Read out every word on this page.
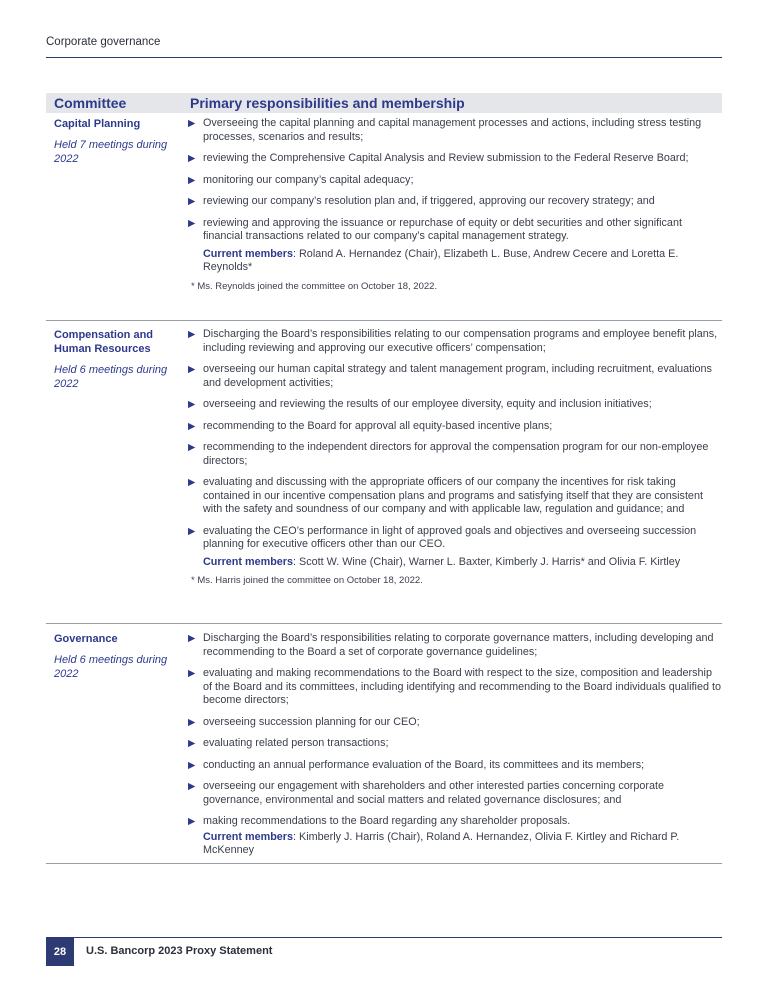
Corporate governance
Committee	Primary responsibilities and membership
Capital Planning
Held 7 meetings during 2022
▶ Overseeing the capital planning and capital management processes and actions, including stress testing processes, scenarios and results;
▶ reviewing the Comprehensive Capital Analysis and Review submission to the Federal Reserve Board;
▶ monitoring our company’s capital adequacy;
▶ reviewing our company’s resolution plan and, if triggered, approving our recovery strategy; and
▶ reviewing and approving the issuance or repurchase of equity or debt securities and other significant financial transactions related to our company’s capital management strategy.
Current members: Roland A. Hernandez (Chair), Elizabeth L. Buse, Andrew Cecere and Loretta E. Reynolds*
* Ms. Reynolds joined the committee on October 18, 2022.
Compensation and Human Resources
Held 6 meetings during 2022
▶ Discharging the Board’s responsibilities relating to our compensation programs and employee benefit plans, including reviewing and approving our executive officers’ compensation;
▶ overseeing our human capital strategy and talent management program, including recruitment, evaluations and development activities;
▶ overseeing and reviewing the results of our employee diversity, equity and inclusion initiatives;
▶ recommending to the Board for approval all equity-based incentive plans;
▶ recommending to the independent directors for approval the compensation program for our non-employee directors;
▶ evaluating and discussing with the appropriate officers of our company the incentives for risk taking contained in our incentive compensation plans and programs and satisfying itself that they are consistent with the safety and soundness of our company and with applicable law, regulation and guidance; and
▶ evaluating the CEO’s performance in light of approved goals and objectives and overseeing succession planning for executive officers other than our CEO.
Current members: Scott W. Wine (Chair), Warner L. Baxter, Kimberly J. Harris* and Olivia F. Kirtley
* Ms. Harris joined the committee on October 18, 2022.
Governance
Held 6 meetings during 2022
▶ Discharging the Board’s responsibilities relating to corporate governance matters, including developing and recommending to the Board a set of corporate governance guidelines;
▶ evaluating and making recommendations to the Board with respect to the size, composition and leadership of the Board and its committees, including identifying and recommending to the Board individuals qualified to become directors;
▶ overseeing succession planning for our CEO;
▶ evaluating related person transactions;
▶ conducting an annual performance evaluation of the Board, its committees and its members;
▶ overseeing our engagement with shareholders and other interested parties concerning corporate governance, environmental and social matters and related governance disclosures; and
▶ making recommendations to the Board regarding any shareholder proposals.
Current members: Kimberly J. Harris (Chair), Roland A. Hernandez, Olivia F. Kirtley and Richard P. McKenney
28	U.S. Bancorp 2023 Proxy Statement
